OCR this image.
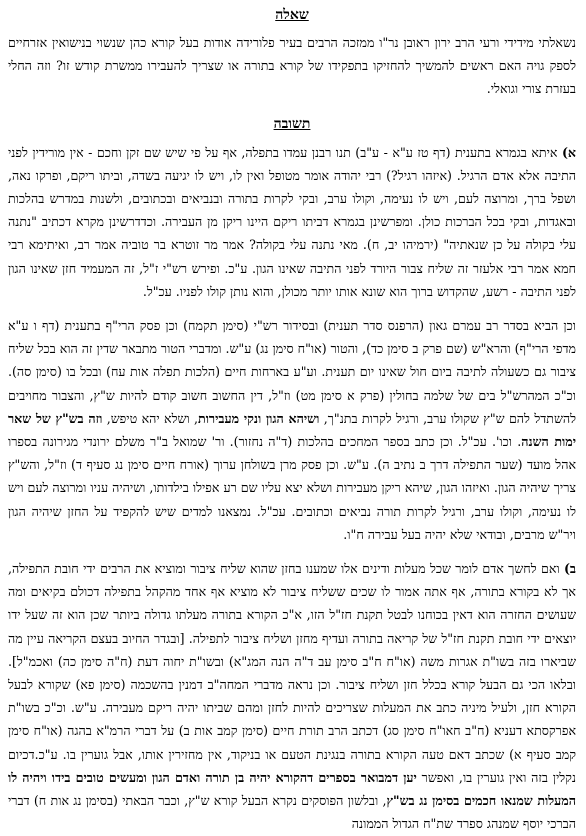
שאלה

נשאלתי מידידי ורעי הרב ירון ראובן נר"ו ממזכה הרבים בעיר פלורידה אודות בעל קורא כהן שנשוי בנישואין אזרחיים לספק גויה האם ראשים להמשיך להחזיקו בתפקידו של קורא בתורה או שצריך להעבירו ממשרת קודש זו? וזה החלי בעזרת צורי וגואלי.

תשובה

א) איתא בגמרא בתענית (דף טז ע"א - ע"ב) תנו רבנן עמדו בתפלה, אף על פי שיש שם זקן וחכם - אין מורידין לפני התיבה אלא אדם הרגיל. (איזהו רגיל?) רבי יהודה אומר מטופל ואין לו, ויש לו יגיעה בשדה, וביתו ריקם, ופרקו נאה, ושפל ברך, ומרוצה לעם, ויש לו נעימה, וקולו ערב, ובקי לקרות בתורה ובנביאים ובכתובים, ולשנות במדרש בהלכות ובאגדות, ובקי בכל הברכות כולן. ומפרשינן בגמרא דביתו ריקם היינו ריקן מן העבירה. וכדדרשינן מקרא דכתיב "נתנה עלי בקולה על כן שנאתיה" (ירמיהו יב, ח). מאי נתנה עלי בקולה? אמר מר זוטרא בר טוביה אמר רב, ואיתימא רבי חמא אמר רבי אלעזר זה שליח צבור היורד לפני התיבה שאינו הגון. ע"כ. ופירש רש"י ז"ל, זה המעמיד חזן שאינו הגון לפני התיבה - רשע, שהקדוש ברוך הוא שונא אותו יותר מכולן, והוא נותן קולו לפניו. עכ"ל.

וכן הביא בסדר רב עמרם גאון (הרפנס סדר תענית) ובסידור רש"י (סימן תקמח) וכן פסק הרי"ף בתענית (דף ו ע"א מדפי הרי"ף) והרא"ש (שם פרק ב סימן כד), והטור (או"ח סימן נג) ע"ש. ומדברי הטור מתבאר שדין זה הוא בכל שליח ציבור גם כשעולה לתיבה ביום חול שאינו יום תענית. וע"ע בארחות חיים (הלכות תפלה אות עח) ובכל בו (סימן סה). וכ"כ המהרש"ל בים של שלמה בחולין (פרק א סימן מט) וז"ל, דין החשוב חשוב קודם להיות ש"ץ, והצבור מחויבים להשתדל להם ש"ץ שקולו ערב, ורגיל לקרות בתנ"ך, ושיהא הגון ונקי מעבירות, ושלא יהא טיפש, וזה בש"ץ של שאר ימות השנה. וכו'. עכ"ל. וכן כתב בספר המחכים בהלכות (ד"ה נחזור). ור' שמואל ב"ר משלם ירונדי מגירונה בספרו אהל מועד (שער התפילה דרך ב נתיב ה). ע"ש. וכן פסק מרן בשולחן ערוך (אורח חיים סימן נג סעיף ד) וז"ל, והש"ץ צריך שיהיה הגון. ואיזהו הגון, שיהא ריקן מעבירות ושלא יצא עליו שם רע אפילו בילדותו, ושיהיה עניו ומרוצה לעם ויש לו נעימה, וקולו ערב, ורגיל לקרות תורה נביאים וכתובים. עכ"ל. נמצאנו למדים שיש להקפיד על החזן שיהיה הגון ויר"ש מרבים, ובודאי שלא יהיה בעל עבירה ח"ו.

ב) ואם לחשך אדם לומר שכל מעלות ודינים אלו שמענו בחזן שהוא שליח ציבור ומוציא את הרבים ידי חובת התפילה, אך לא בקורא בתורה, אף אתה אמור לו שכים ששליח ציבור לא מוציא אף אחד מהקהל בתפילה דכולם בקיאים ומה שעושים החזרה הוא דאין בכוחנו לבטל תקנת חז"ל הזו, א"כ הקורא בתורה מעלתו גדולה ביותר שכן הוא זה שעל ידו יוצאים ידי חובת תקנת חז"ל של קריאה בתורה ועדיף מחזן ושליח ציבור לתפילה. [ובגדר החיוב בעצם הקריאה עיין מה שביארו בזה בשו"ת אגרות משה (או"ח ח"ב סימן עב ד"ה הנה המג"א) ובשו"ת יחוה דעת (ח"ה סימן כה) ואכמ"ל]. ובלאו הכי גם הבעל קורא בכלל חזן ושליח ציבור. וכן נראה מדברי המחה"ב דמנין בהשכמה (סימן פא) שקורא לבעל הקורא חזן, ולעיל מיניה כתב את המעלות שצריכים להיות לחזן ומהם שביתו יהיה ריקם מעבירה. ע"ש. וכ"כ בשו"ת אפרקסתא דעניא (ח"ב חאו"ח סימן סג) דכתב הרב תורת חיים (סימן קמב אות ב) על דברי הרמ"א בהגה (או"ח סימן קמב סעיף א) שכתב דאם טעה הקורא בתורה בנגינת הטעם או בניקוד, אין מחזירין אותו, אבל גוערין בו. ע"כ.דכיום נקלין בזה ואין גוערין בו, ואפשר יען דמבואר בספרים דהקורא יהיה בן תורה ואדם הגון ומעשים טובים בידו ויהיה לו המעלות שמנאו חכמים בסימן נג בש"ץ, ובלשון הפוסקים נקרא הבעל קורא ש"ץ, וכבר הבאתי (בסימן נג אות ח) דברי הברכי יוסף שמנהג ספרד שת"ח הגדול הממונה
